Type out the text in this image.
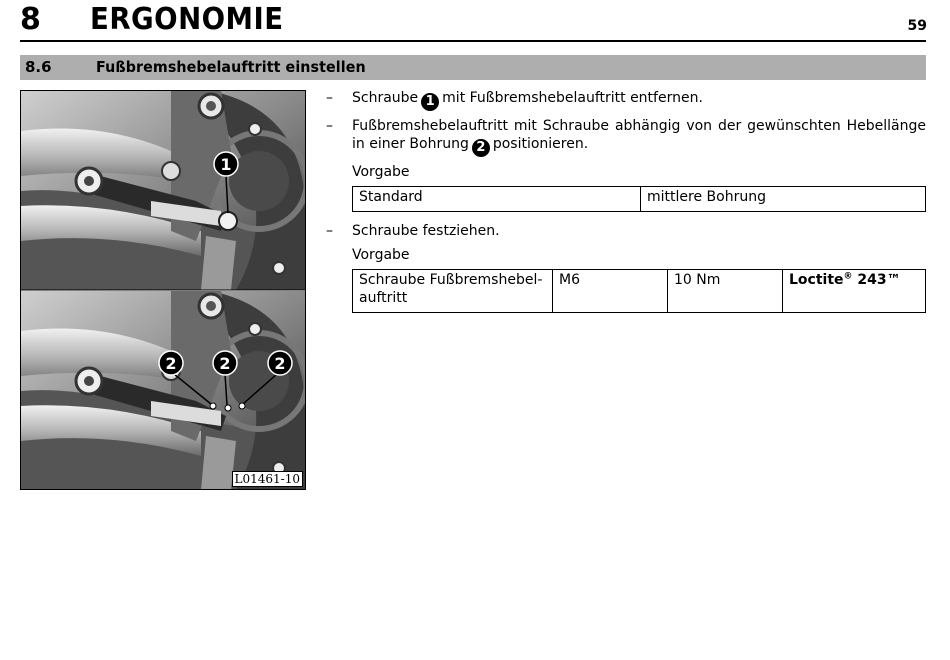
8 ERGONOMIE	59
8.6	Fußbremshebelauftritt einstellen
1
2	2	2
L01461-10
– Schraube 1 mit Fußbremshebelauftritt entfernen.
– Fußbremshebelauftritt mit Schraube abhängig von der gewünschten Hebellänge in einer Bohrung 2 positionieren.
Vorgabe
Standard	mittlere Bohrung
– Schraube festziehen.
Vorgabe
Schraube Fußbremshebel-
auftritt	M6	10 Nm	Loctite® 243™
